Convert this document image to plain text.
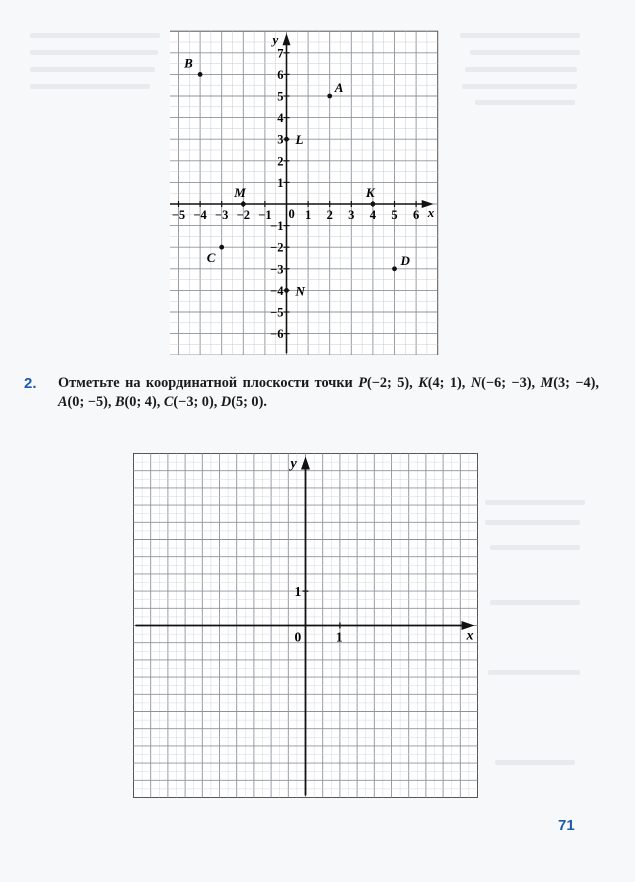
x
y
0
−5 −4 −3 −2 −1	1 2 3 4 5 6
7
6
5
4
3
2
1
−1
−2
−3
−4
−5
−6
B
A
L
M	K
C	D
N
2. Отметьте на координатной плоскости точки P(−2; 5), K(4; 1), N(−6; −3), M(3; −4), A(0; −5), B(0; 4), C(−3; 0), D(5; 0).
x
y
0	1
1
71
